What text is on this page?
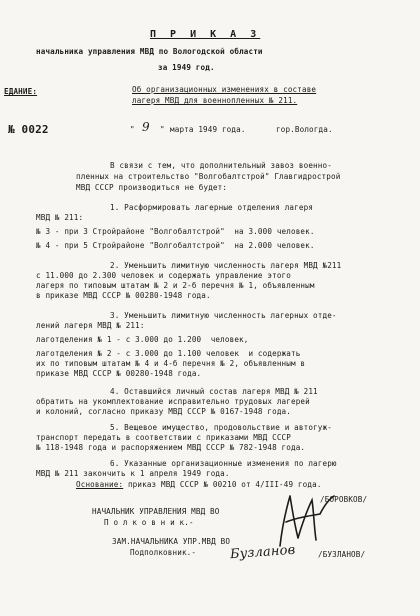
П Р И К А З
начальника управления МВД по Вологодской области
за 1949 год.
ЕДАНИЕ:	Об организационных изменениях в составе
лагеря МВД для военнопленных № 211.
№ 0022	" 9 " марта 1949 года.	гор.Вологда.
В связи с тем, что дополнительный завоз военно-
пленных на строительство "Волгобалтстрой" Главгидрострой
МВД СССР производиться не будет:
1. Расформировать лагерные отделения лагеря
МВД № 211:
№ 3 - при 3 Стройрайоне "Волгобалтстрой"  на 3.000 человек.
№ 4 - при 5 Стройрайоне "Волгобалтстрой"  на 2.000 человек.
2. Уменьшить лимитную численность лагеря МВД №211
с 11.000 до 2.300 человек и содержать управление этого
лагеря по типовым штатам № 2 и 2-б перечня № 1, объявленным
в приказе МВД СССР № 00280-1948 года.
3. Уменьшить лимитную численность лагерных отде-
лений лагеря МВД № 211:
лаготделения № 1 - с 3.000 до 1.200  человек,
лаготделения № 2 - с 3.000 до 1.100 человек  и содержать
их по типовым штатам № 4 и 4-б перечня № 2, объявленным в
приказе МВД СССР № 00280-1948 года.
4. Оставшийся личный состав лагеря МВД № 211
обратить на укомплектование исправительно трудовых лагерей
и колоний, согласно приказу МВД СССР № 0167-1948 года.
5. Вещевое имущество, продовольствие и автогуж-
транспорт передать в соответствии с приказами МВД СССР
№ 118-1948 года и распоряжением МВД СССР № 782-1948 года.
6. Указанные организационные изменения по лагерю
МВД № 211 закончить к 1 апреля 1949 года.
Основание: приказ МВД СССР № 00210 от 4/III-49 года.
НАЧАЛЬНИК УПРАВЛЕНИЯ МВД ВО
П о л к о в н и к.-
/БОРОВКОВ/
ЗАМ.НАЧАЛЬНИКА УПР.МВД ВО
Подполковник.-	/БУЗЛАНОВ/
Бузланов
